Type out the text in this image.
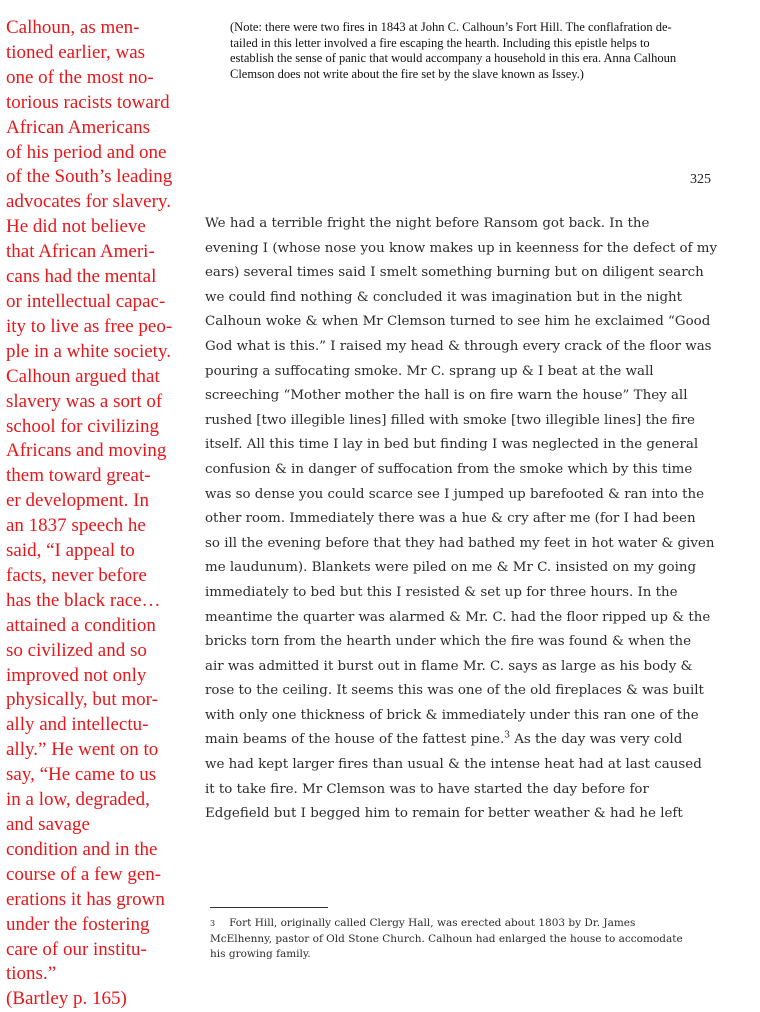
Calhoun, as men-
tioned earlier, was
one of the most no-
torious racists toward
African Americans
of his period and one
of the South’s leading
advocates for slavery.
He did not believe
that African Ameri-
cans had the mental
or intellectual capac-
ity to live as free peo-
ple in a white society.
Calhoun argued that
slavery was a sort of
school for civilizing
Africans and moving
them toward great-
er development. In
an 1837 speech he
said, “I appeal to
facts, never before
has the black race…
attained a condition
so civilized and so
improved not only
physically, but mor-
ally and intellectu-
ally.” He went on to
say, “He came to us
in a low, degraded,
and savage
condition and in the
course of a few gen-
erations it has grown
under the fostering
care of our institu-
tions.”
(Bartley p. 165)
(Note: there were two fires in 1843 at John C. Calhoun’s Fort Hill. The conflafration de-
tailed in this letter involved a fire escaping the hearth. Including this epistle helps to
establish the sense of panic that would accompany a household in this era. Anna Calhoun
Clemson does not write about the fire set by the slave known as Issey.)
325
We had a terrible fright the night before Ransom got back. In the
evening I (whose nose you know makes up in keenness for the defect of my
ears) several times said I smelt something burning but on diligent search
we could find nothing & concluded it was imagination but in the night
Calhoun woke & when Mr Clemson turned to see him he exclaimed “Good
God what is this.” I raised my head & through every crack of the floor was
pouring a suffocating smoke. Mr C. sprang up & I beat at the wall
screeching “Mother mother the hall is on fire warn the house” They all
rushed [two illegible lines] filled with smoke [two illegible lines] the fire
itself. All this time I lay in bed but finding I was neglected in the general
confusion & in danger of suffocation from the smoke which by this time
was so dense you could scarce see I jumped up barefooted & ran into the
other room. Immediately there was a hue & cry after me (for I had been
so ill the evening before that they had bathed my feet in hot water & given
me laudunum). Blankets were piled on me & Mr C. insisted on my going
immediately to bed but this I resisted & set up for three hours. In the
meantime the quarter was alarmed & Mr. C. had the floor ripped up & the
bricks torn from the hearth under which the fire was found & when the
air was admitted it burst out in flame Mr. C. says as large as his body &
rose to the ceiling. It seems this was one of the old fireplaces & was built
with only one thickness of brick & immediately under this ran one of the
main beams of the house of the fattest pine.$^3$ As the day was very cold
we had kept larger fires than usual & the intense heat had at last caused
it to take fire. Mr Clemson was to have started the day before for
Edgefield but I begged him to remain for better weather & had he left
$^3$ Fort Hill, originally called Clergy Hall, was erected about 1803 by Dr. James
McElhenny, pastor of Old Stone Church. Calhoun had enlarged the house to accomodate
his growing family.
